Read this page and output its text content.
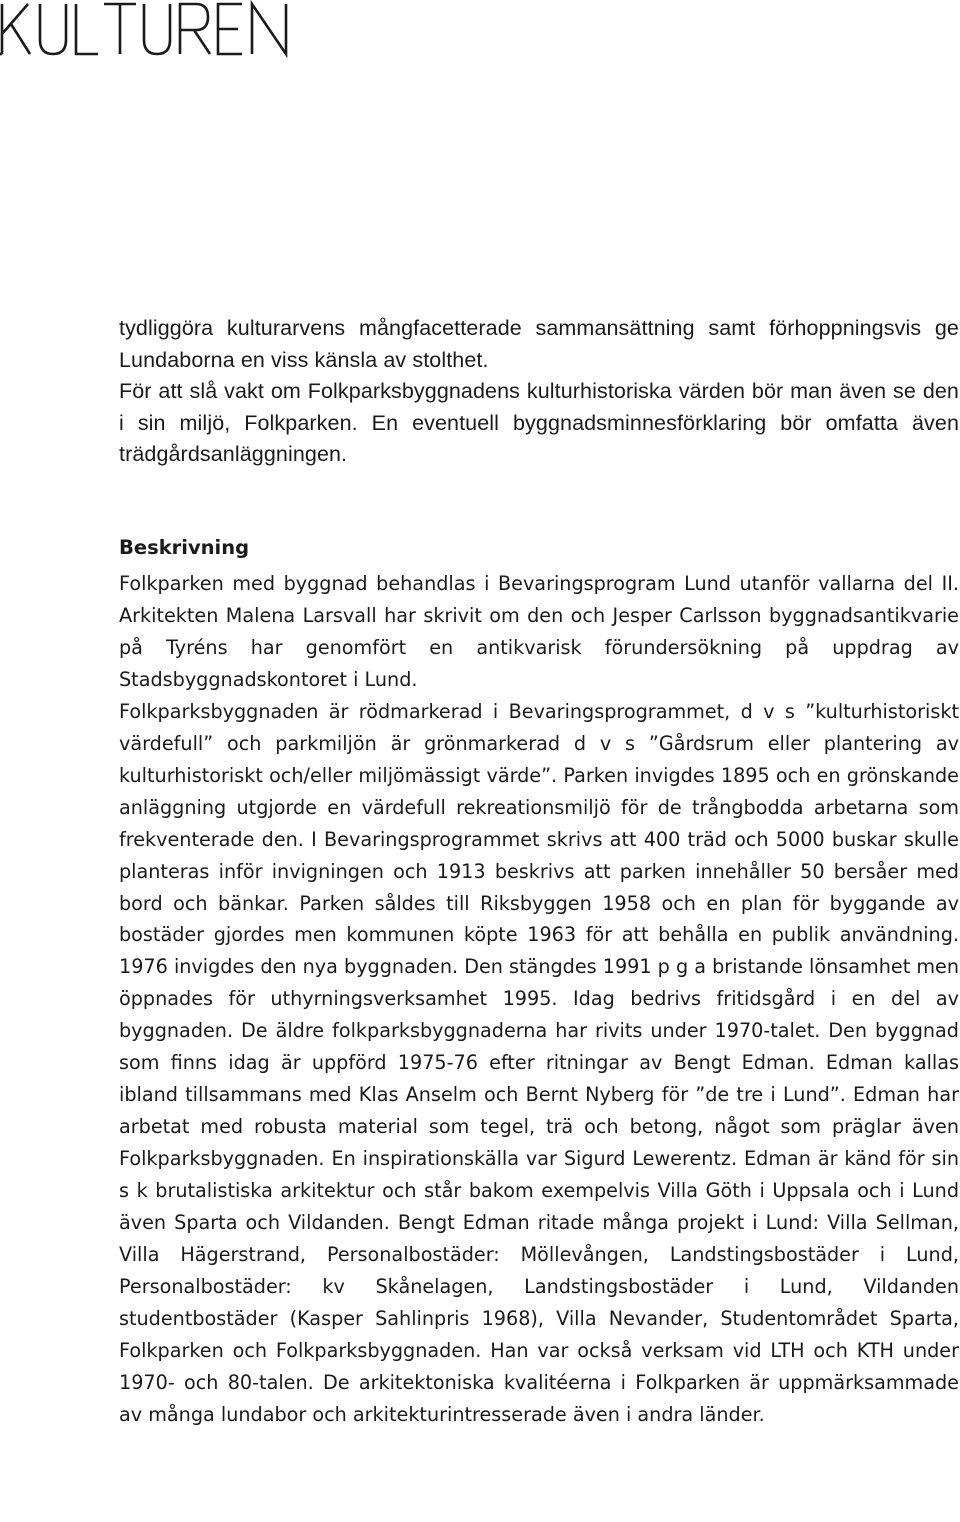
tydliggöra kulturarvens mångfacetterade sammansättning samt förhoppningsvis ge Lundaborna en viss känsla av stolthet.

För att slå vakt om Folkparksbyggnadens kulturhistoriska värden bör man även se den i sin miljö, Folkparken. En eventuell byggnadsminnesförklaring bör omfatta även trädgårdsanläggningen.

Beskrivning

Folkparken med byggnad behandlas i Bevaringsprogram Lund utanför vallarna del II. Arkitekten Malena Larsvall har skrivit om den och Jesper Carlsson byggnadsantikvarie på Tyréns har genomfört en antikvarisk förundersökning på uppdrag av Stadsbyggnadskontoret i Lund.

Folkparksbyggnaden är rödmarkerad i Bevaringsprogrammet, d v s ”kulturhistoriskt värdefull” och parkmiljön är grönmarkerad d v s ”Gårdsrum eller plantering av kulturhistoriskt och/eller miljömässigt värde”. Parken invigdes 1895 och en grönskande anläggning utgjorde en värdefull rekreationsmiljö för de trångbodda arbetarna som frekventerade den. I Bevaringsprogrammet skrivs att 400 träd och 5000 buskar skulle planteras inför invigningen och 1913 beskrivs att parken innehåller 50 bersåer med bord och bänkar. Parken såldes till Riksbyggen 1958 och en plan för byggande av bostäder gjordes men kommunen köpte 1963 för att behålla en publik användning. 1976 invigdes den nya byggnaden. Den stängdes 1991 p g a bristande lönsamhet men öppnades för uthyrningsverksamhet 1995. Idag bedrivs fritidsgård i en del av byggnaden. De äldre folkparksbyggnaderna har rivits under 1970-talet. Den byggnad som finns idag är uppförd 1975-76 efter ritningar av Bengt Edman. Edman kallas ibland tillsammans med Klas Anselm och Bernt Nyberg för ”de tre i Lund”. Edman har arbetat med robusta material som tegel, trä och betong, något som präglar även Folkparksbyggnaden. En inspirationskälla var Sigurd Lewerentz. Edman är känd för sin s k brutalistiska arkitektur och står bakom exempelvis Villa Göth i Uppsala och i Lund även Sparta och Vildanden. Bengt Edman ritade många projekt i Lund: Villa Sellman, Villa Hägerstrand, Personalbostäder: Möllevången, Landstingsbostäder i Lund, Personalbostäder: kv Skånelagen, Landstingsbostäder i Lund, Vildanden studentbostäder (Kasper Sahlinpris 1968), Villa Nevander, Studentområdet Sparta, Folkparken och Folkparksbyggnaden. Han var också verksam vid LTH och KTH under 1970- och 80-talen. De arkitektoniska kvalitéerna i Folkparken är uppmärksammade av många lundabor och arkitekturintresserade även i andra länder.
